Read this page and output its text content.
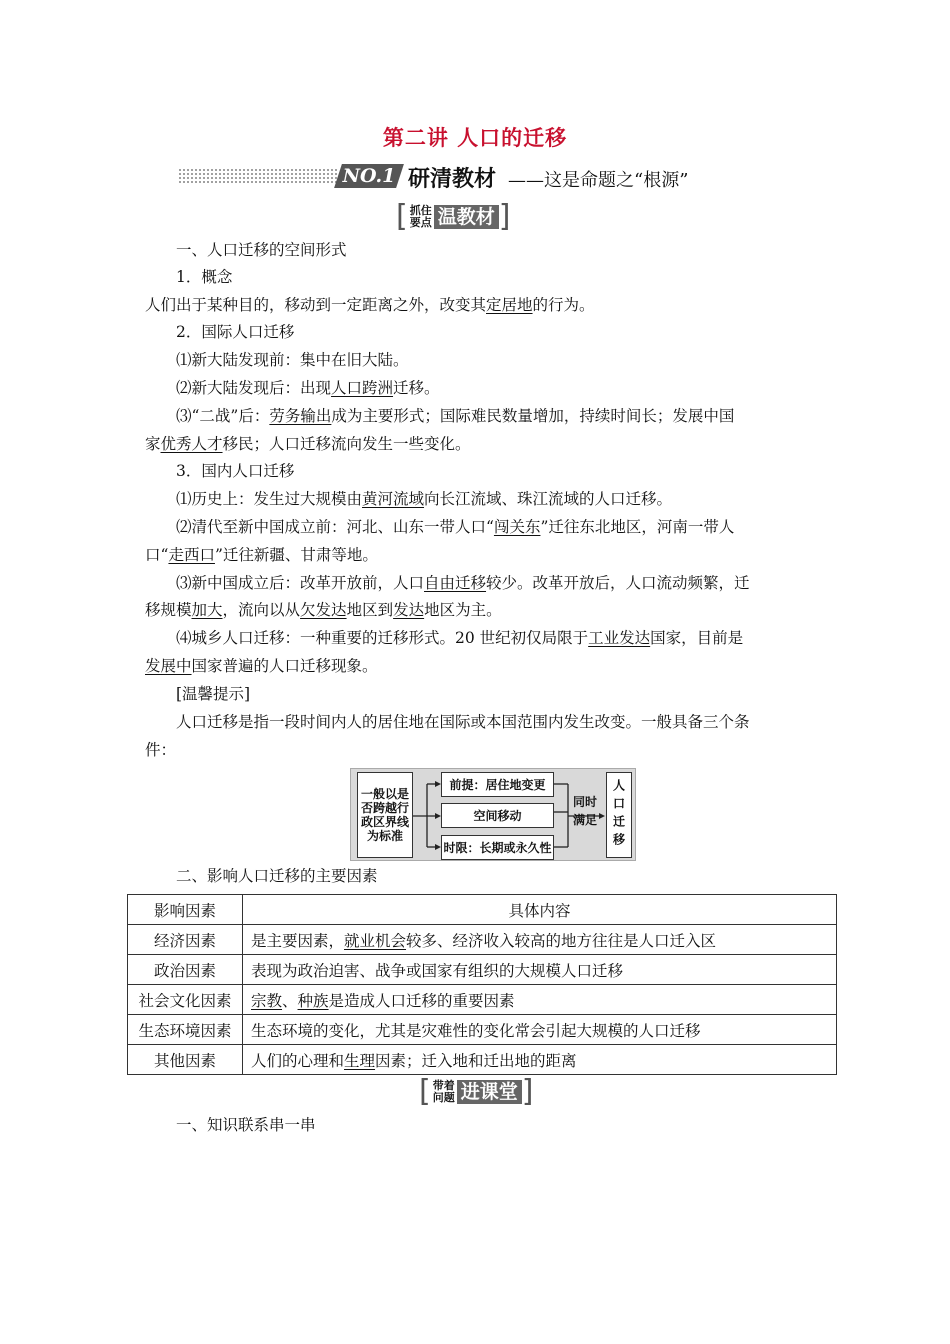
第二讲 人口的迁移
NO.1 研清教材 ——这是命题之“根源”
[ 抓住
要点 温教材 ]
一、人口迁移的空间形式
1．概念
人们出于某种目的，移动到一定距离之外，改变其定居地的行为。
2．国际人口迁移
⑴新大陆发现前：集中在旧大陆。
⑵新大陆发现后：出现人口跨洲迁移。
⑶“二战”后：劳务输出成为主要形式；国际难民数量增加，持续时间长；发展中国
家优秀人才移民；人口迁移流向发生一些变化。
3．国内人口迁移
⑴历史上：发生过大规模由黄河流域向长江流域、珠江流域的人口迁移。
⑵清代至新中国成立前：河北、山东一带人口“闯关东”迁往东北地区，河南一带人
口“走西口”迁往新疆、甘肃等地。
⑶新中国成立后：改革开放前，人口自由迁移较少。改革开放后，人口流动频繁，迁
移规模加大，流向以从欠发达地区到发达地区为主。
⑷城乡人口迁移：一种重要的迁移形式。20 世纪初仅局限于工业发达国家，目前是
发展中国家普遍的人口迁移现象。
[温馨提示]
人口迁移是指一段时间内人的居住地在国际或本国范围内发生改变。一般具备三个条
件：
一般以是否跨越行政区界线为标准
前提：居住地变更
空间移动
时限：长期或永久性
同时满足	人口迁移
二、影响人口迁移的主要因素
影响因素	具体内容
经济因素	是主要因素，就业机会较多、经济收入较高的地方往往是人口迁入区
政治因素	表现为政治迫害、战争或国家有组织的大规模人口迁移
社会文化因素	宗教、种族是造成人口迁移的重要因素
生态环境因素	生态环境的变化，尤其是灾难性的变化常会引起大规模的人口迁移
其他因素	人们的心理和生理因素；迁入地和迁出地的距离
[ 带着
问题 进课堂 ]
一、知识联系串一串
